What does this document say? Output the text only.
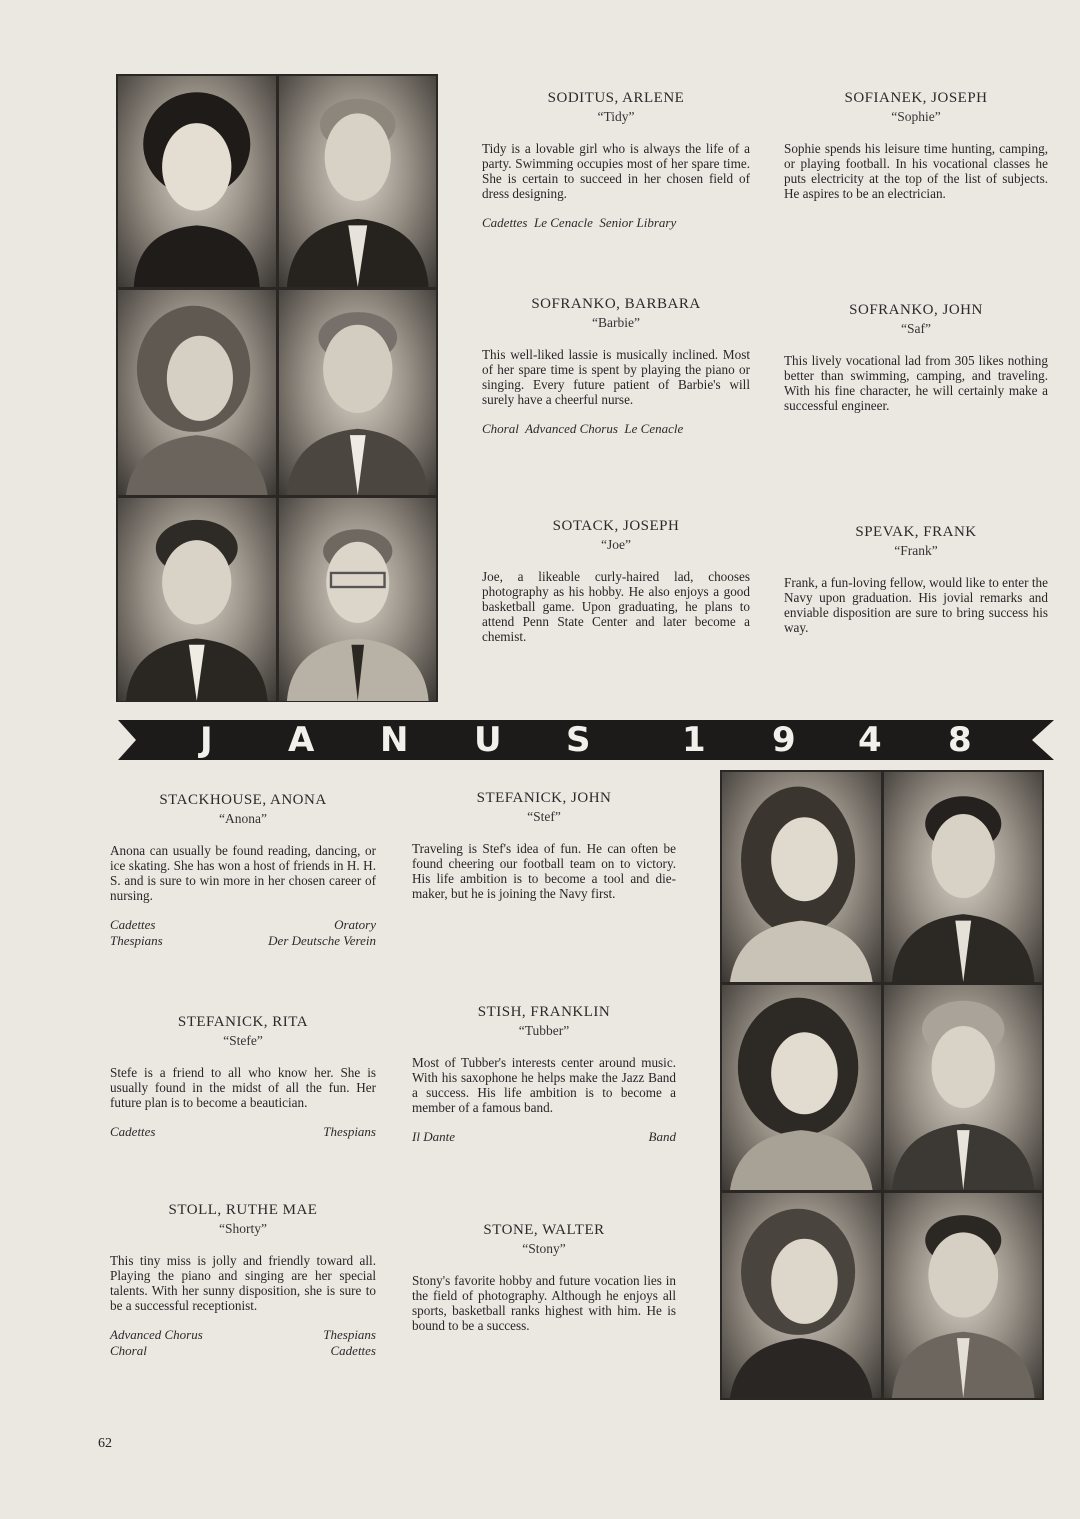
SODITUS, ARLENE
“Tidy”
Tidy is a lovable girl who is always the life of a party. Swimming occupies most of her spare time. She is certain to succeed in her chosen field of dress designing.
Cadettes Le Cenacle Senior Library
SOFIANEK, JOSEPH
“Sophie”
Sophie spends his leisure time hunting, camping, or playing football. In his vocational classes he puts electricity at the top of the list of subjects. He aspires to be an electrician.
SOFRANKO, BARBARA
“Barbie”
This well-liked lassie is musically inclined. Most of her spare time is spent by playing the piano or singing. Every future patient of Barbie's will surely have a cheerful nurse.
Choral Advanced Chorus Le Cenacle
SOFRANKO, JOHN
“Saf”
This lively vocational lad from 305 likes nothing better than swimming, camping, and traveling. With his fine character, he will certainly make a successful engineer.
SOTACK, JOSEPH
“Joe”
Joe, a likeable curly-haired lad, chooses photography as his hobby. He also enjoys a good basketball game. Upon graduating, he plans to attend Penn State Center and later become a chemist.
SPEVAK, FRANK
“Frank”
Frank, a fun-loving fellow, would like to enter the Navy upon graduation. His jovial remarks and enviable disposition are sure to bring success his way.
J A N U S	1 9 4 8
STACKHOUSE, ANONA
“Anona”
Anona can usually be found reading, dancing, or ice skating. She has won a host of friends in H. H. S. and is sure to win more in her chosen career of nursing.
Cadettes	Oratory
Thespians	Der Deutsche Verein
STEFANICK, JOHN
“Stef”
Traveling is Stef's idea of fun. He can often be found cheering our football team on to victory. His life ambition is to become a tool and die-maker, but he is joining the Navy first.
STEFANICK, RITA
“Stefe”
Stefe is a friend to all who know her. She is usually found in the midst of all the fun. Her future plan is to become a beautician.
Cadettes	Thespians
STISH, FRANKLIN
“Tubber”
Most of Tubber's interests center around music. With his saxophone he helps make the Jazz Band a success. His life ambition is to become a member of a famous band.
Il Dante	Band
STOLL, RUTHE MAE
“Shorty”
This tiny miss is jolly and friendly toward all. Playing the piano and singing are her special talents. With her sunny disposition, she is sure to be a successful receptionist.
Advanced Chorus	Thespians
Choral	Cadettes
STONE, WALTER
“Stony”
Stony's favorite hobby and future vocation lies in the field of photography. Although he enjoys all sports, basketball ranks highest with him. He is bound to be a success.
62
